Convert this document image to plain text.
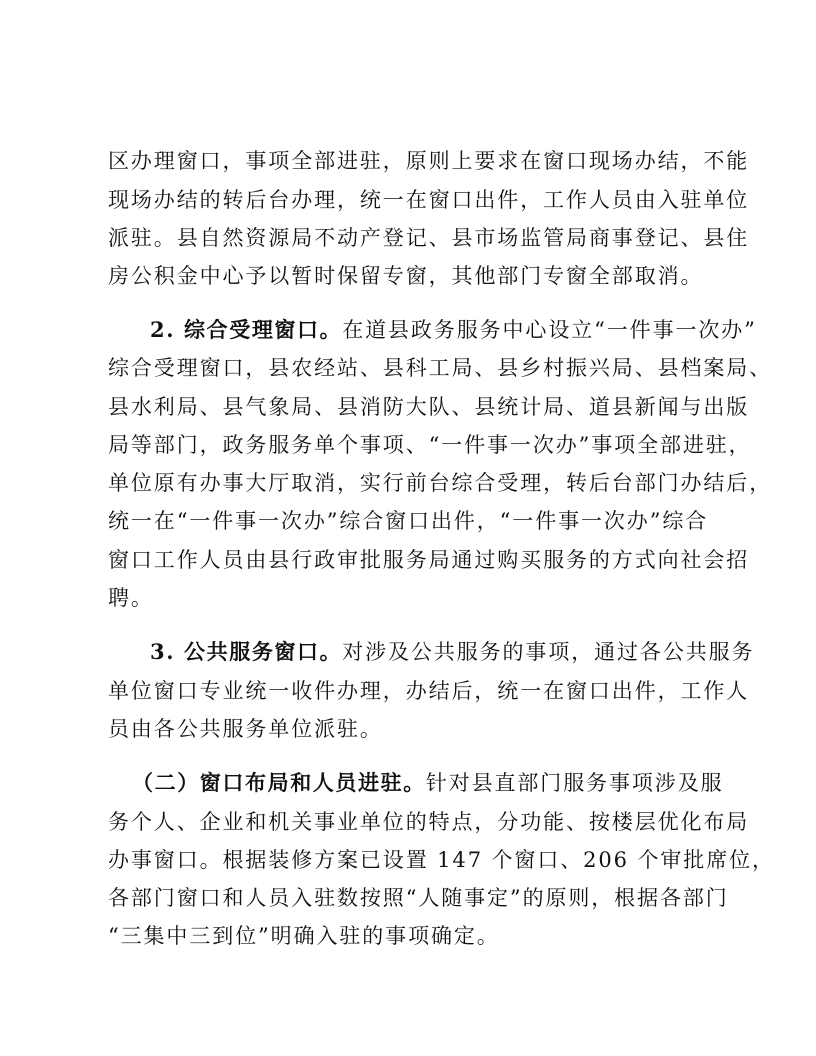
区办理窗口，事项全部进驻，原则上要求在窗口现场办结，不能
现场办结的转后台办理，统一在窗口出件，工作人员由入驻单位
派驻。县自然资源局不动产登记、县市场监管局商事登记、县住
房公积金中心予以暂时保留专窗，其他部门专窗全部取消。
2. 综合受理窗口。在道县政务服务中心设立“一件事一次办”
综合受理窗口，县农经站、县科工局、县乡村振兴局、县档案局、
县水利局、县气象局、县消防大队、县统计局、道县新闻与出版
局等部门，政务服务单个事项、“一件事一次办”事项全部进驻，
单位原有办事大厅取消，实行前台综合受理，转后台部门办结后，
统一在“一件事一次办”综合窗口出件，“一件事一次办”综合
窗口工作人员由县行政审批服务局通过购买服务的方式向社会招
聘。
3. 公共服务窗口。对涉及公共服务的事项，通过各公共服务
单位窗口专业统一收件办理，办结后，统一在窗口出件，工作人
员由各公共服务单位派驻。
（二）窗口布局和人员进驻。针对县直部门服务事项涉及服
务个人、企业和机关事业单位的特点，分功能、按楼层优化布局
办事窗口。根据装修方案已设置 147 个窗口、206 个审批席位，
各部门窗口和人员入驻数按照“人随事定”的原则，根据各部门
“三集中三到位”明确入驻的事项确定。
